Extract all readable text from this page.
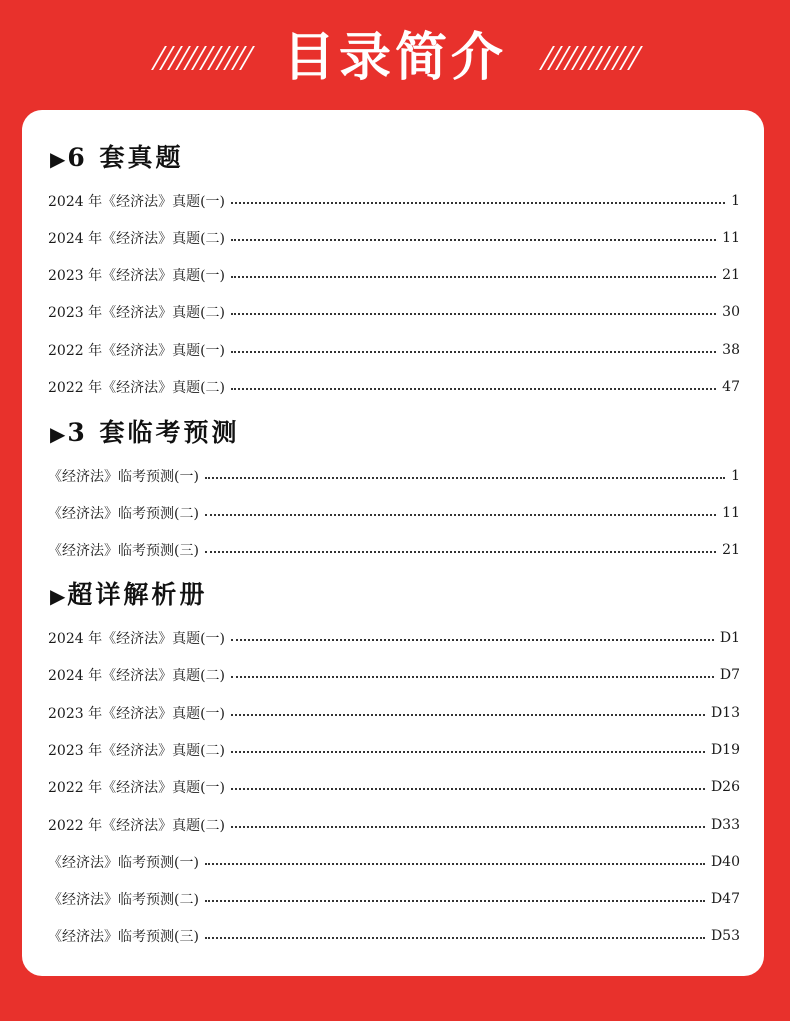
目录简介
▶6 套真题
2024 年《经济法》真题(一)	1
2024 年《经济法》真题(二)	11
2023 年《经济法》真题(一)	21
2023 年《经济法》真题(二)	30
2022 年《经济法》真题(一)	38
2022 年《经济法》真题(二)	47
▶3 套临考预测
《经济法》临考预测(一)	1
《经济法》临考预测(二)	11
《经济法》临考预测(三)	21
▶超详解析册
2024 年《经济法》真题(一)	D1
2024 年《经济法》真题(二)	D7
2023 年《经济法》真题(一)	D13
2023 年《经济法》真题(二)	D19
2022 年《经济法》真题(一)	D26
2022 年《经济法》真题(二)	D33
《经济法》临考预测(一)	D40
《经济法》临考预测(二)	D47
《经济法》临考预测(三)	D53
